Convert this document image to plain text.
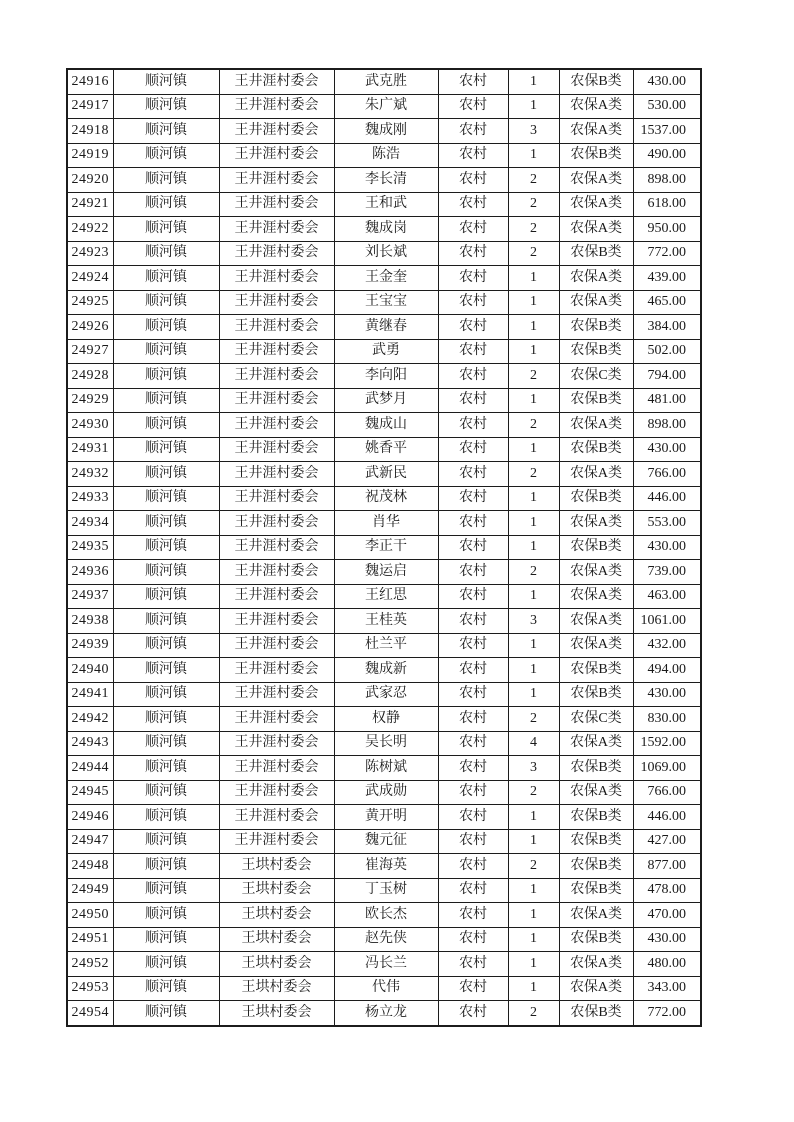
24916	顺河镇	王井涯村委会	武克胜	农村	1	农保B类	430.00
24917	顺河镇	王井涯村委会	朱广斌	农村	1	农保A类	530.00
24918	顺河镇	王井涯村委会	魏成刚	农村	3	农保A类	1537.00
24919	顺河镇	王井涯村委会	陈浩	农村	1	农保B类	490.00
24920	顺河镇	王井涯村委会	李长清	农村	2	农保A类	898.00
24921	顺河镇	王井涯村委会	王和武	农村	2	农保A类	618.00
24922	顺河镇	王井涯村委会	魏成岗	农村	2	农保A类	950.00
24923	顺河镇	王井涯村委会	刘长斌	农村	2	农保B类	772.00
24924	顺河镇	王井涯村委会	王金奎	农村	1	农保A类	439.00
24925	顺河镇	王井涯村委会	王宝宝	农村	1	农保A类	465.00
24926	顺河镇	王井涯村委会	黄继春	农村	1	农保B类	384.00
24927	顺河镇	王井涯村委会	武勇	农村	1	农保B类	502.00
24928	顺河镇	王井涯村委会	李向阳	农村	2	农保C类	794.00
24929	顺河镇	王井涯村委会	武梦月	农村	1	农保B类	481.00
24930	顺河镇	王井涯村委会	魏成山	农村	2	农保A类	898.00
24931	顺河镇	王井涯村委会	姚香平	农村	1	农保B类	430.00
24932	顺河镇	王井涯村委会	武新民	农村	2	农保A类	766.00
24933	顺河镇	王井涯村委会	祝茂林	农村	1	农保B类	446.00
24934	顺河镇	王井涯村委会	肖华	农村	1	农保A类	553.00
24935	顺河镇	王井涯村委会	李正干	农村	1	农保B类	430.00
24936	顺河镇	王井涯村委会	魏运启	农村	2	农保A类	739.00
24937	顺河镇	王井涯村委会	王红思	农村	1	农保A类	463.00
24938	顺河镇	王井涯村委会	王桂英	农村	3	农保A类	1061.00
24939	顺河镇	王井涯村委会	杜兰平	农村	1	农保A类	432.00
24940	顺河镇	王井涯村委会	魏成新	农村	1	农保B类	494.00
24941	顺河镇	王井涯村委会	武家忍	农村	1	农保B类	430.00
24942	顺河镇	王井涯村委会	权静	农村	2	农保C类	830.00
24943	顺河镇	王井涯村委会	吴长明	农村	4	农保A类	1592.00
24944	顺河镇	王井涯村委会	陈树斌	农村	3	农保B类	1069.00
24945	顺河镇	王井涯村委会	武成勋	农村	2	农保A类	766.00
24946	顺河镇	王井涯村委会	黄开明	农村	1	农保B类	446.00
24947	顺河镇	王井涯村委会	魏元征	农村	1	农保B类	427.00
24948	顺河镇	王垬村委会	崔海英	农村	2	农保B类	877.00
24949	顺河镇	王垬村委会	丁玉树	农村	1	农保B类	478.00
24950	顺河镇	王垬村委会	欧长杰	农村	1	农保A类	470.00
24951	顺河镇	王垬村委会	赵先侠	农村	1	农保B类	430.00
24952	顺河镇	王垬村委会	冯长兰	农村	1	农保A类	480.00
24953	顺河镇	王垬村委会	代伟	农村	1	农保A类	343.00
24954	顺河镇	王垬村委会	杨立龙	农村	2	农保B类	772.00
